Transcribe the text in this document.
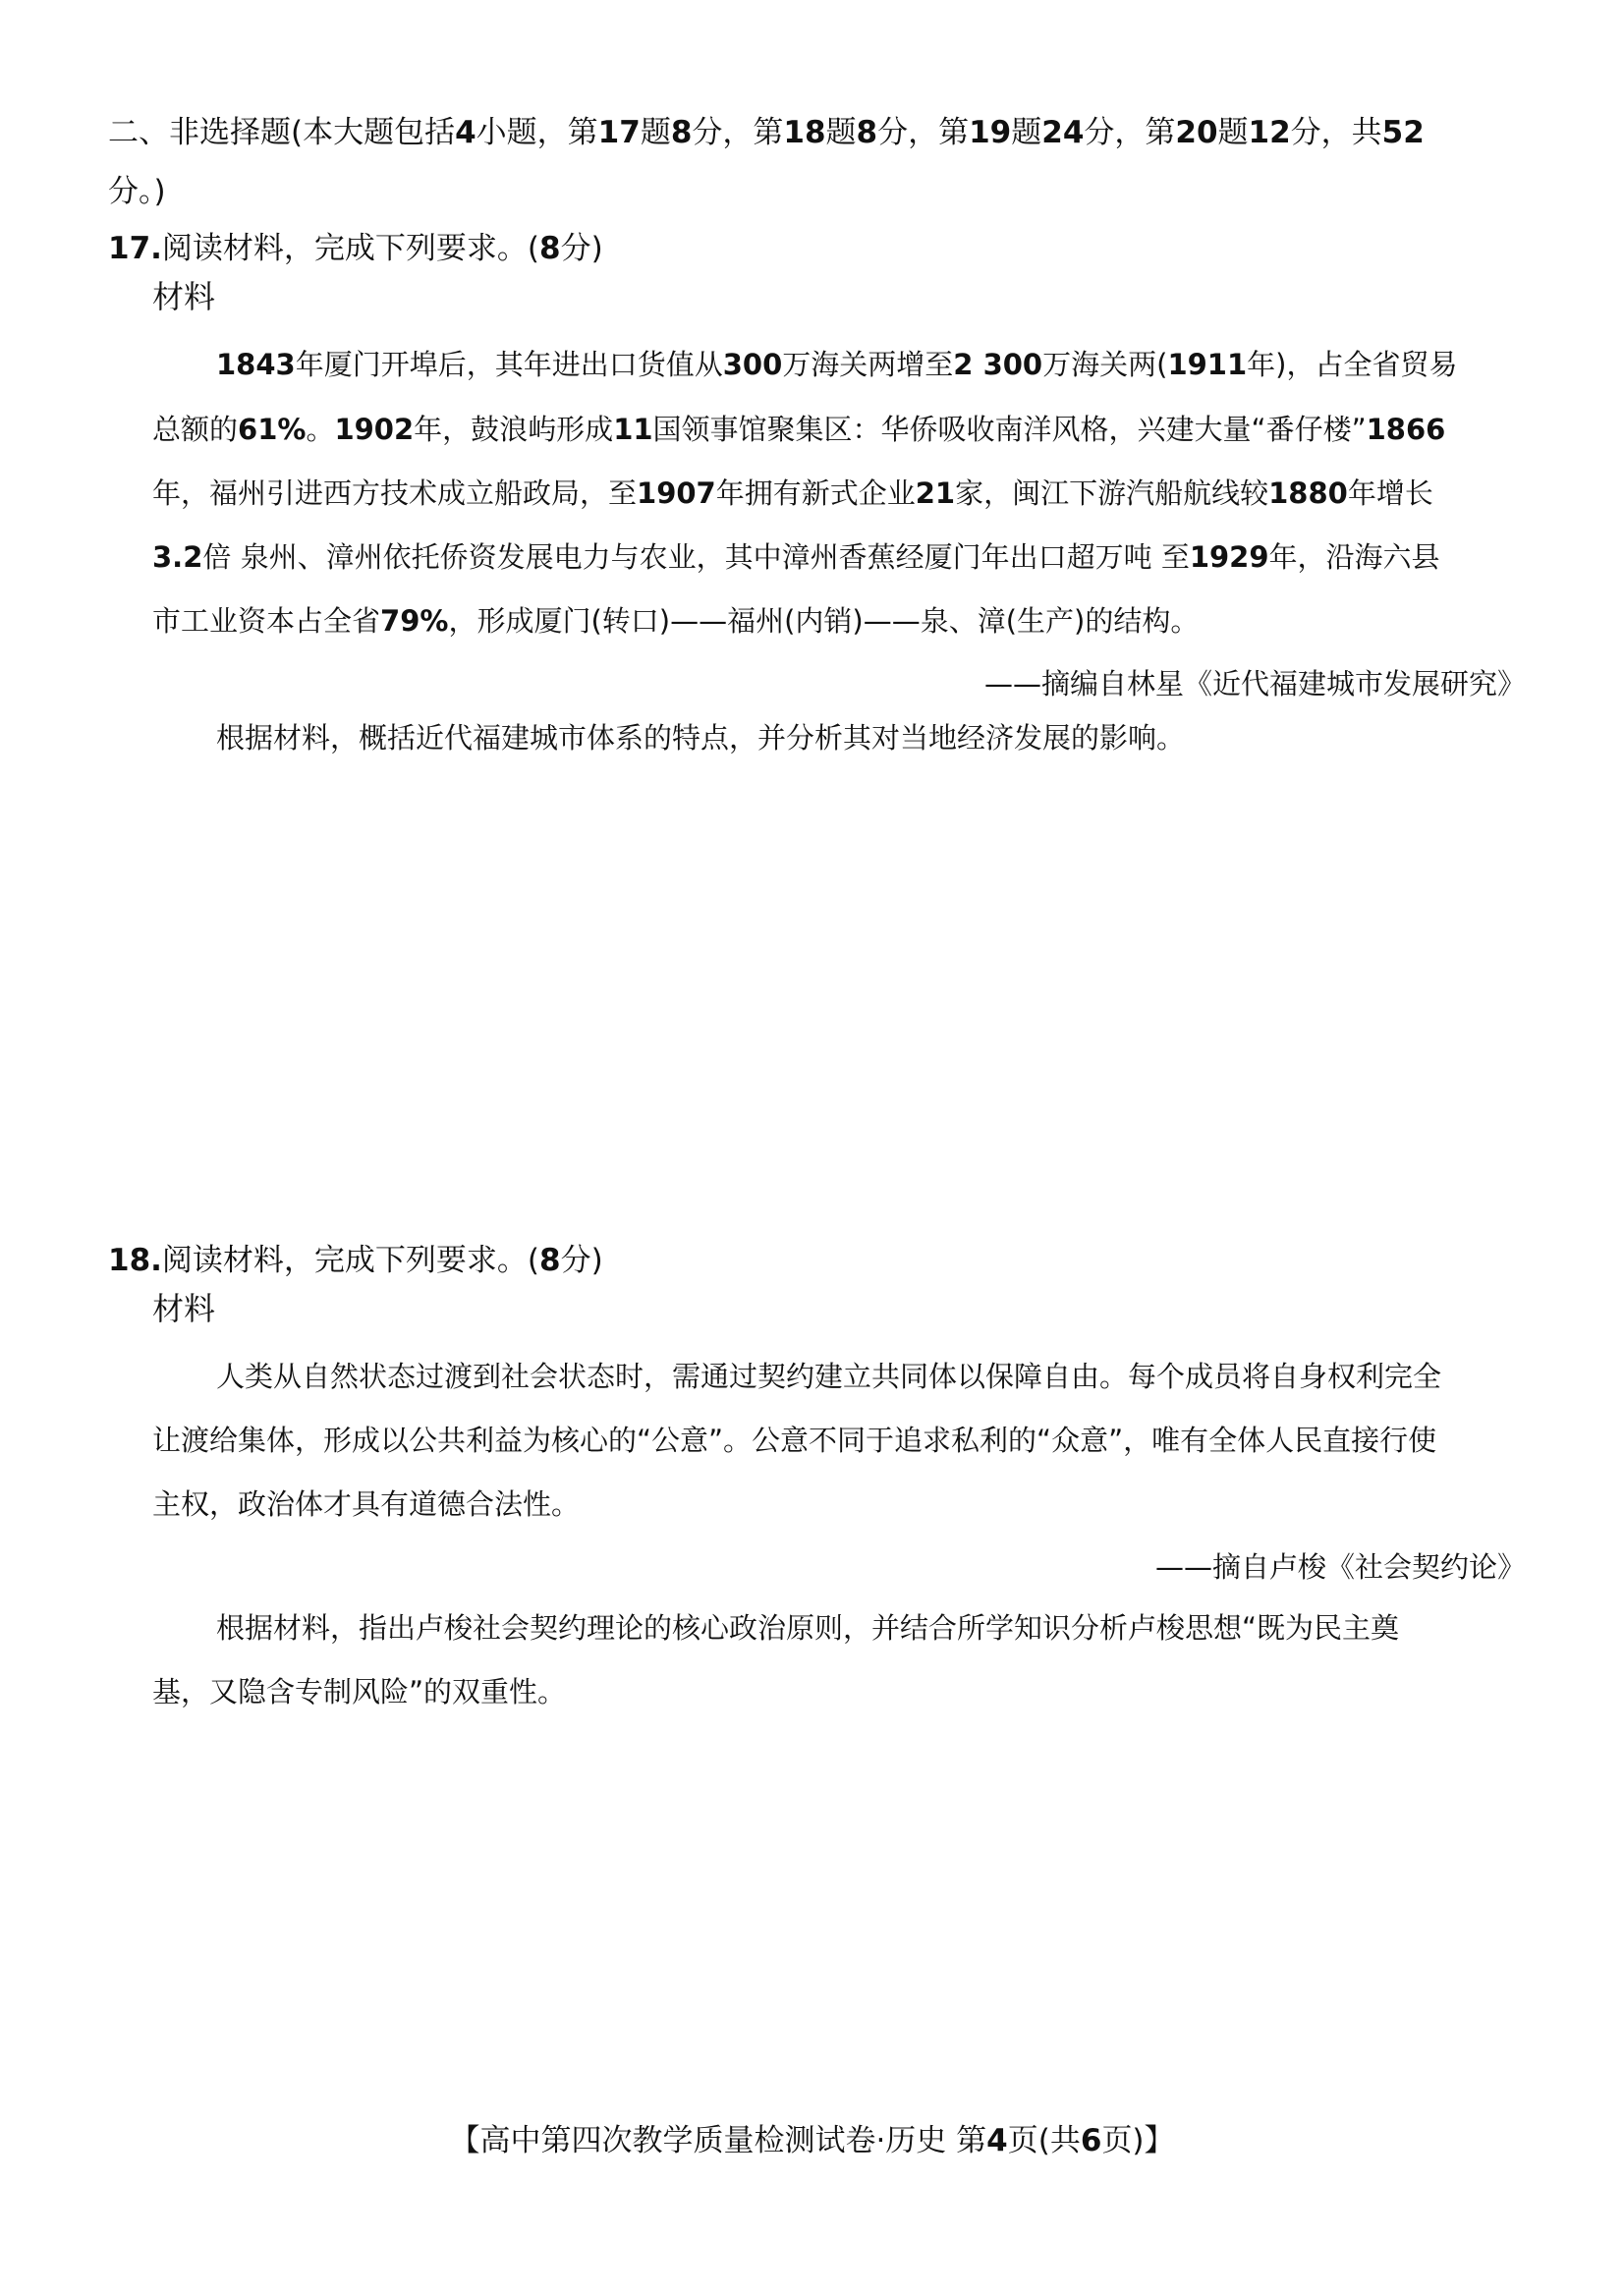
二、非选择题(本大题包括4小题，第17题8分，第18题8分，第19题24分，第20题12分，共52
分。)
17.阅读材料，完成下列要求。(8分)
材料
1843年厦门开埠后，其年进出口货值从300万海关两增至2 300万海关两(1911年)，占全省贸易
总额的61%。1902年，鼓浪屿形成11国领事馆聚集区：华侨吸收南洋风格，兴建大量“番仔楼”1866
年，福州引进西方技术成立船政局，至1907年拥有新式企业21家，闽江下游汽船航线较1880年增长
3.2倍 泉州、漳州依托侨资发展电力与农业，其中漳州香蕉经厦门年出口超万吨 至1929年，沿海六县
市工业资本占全省79%，形成厦门(转口)——福州(内销)——泉、漳(生产)的结构。
——摘编自林星《近代福建城市发展研究》
根据材料，概括近代福建城市体系的特点，并分析其对当地经济发展的影响。
18.阅读材料，完成下列要求。(8分)
材料
人类从自然状态过渡到社会状态时，需通过契约建立共同体以保障自由。每个成员将自身权利完全
让渡给集体，形成以公共利益为核心的“公意”。公意不同于追求私利的“众意”，唯有全体人民直接行使
主权，政治体才具有道德合法性。
——摘自卢梭《社会契约论》
根据材料，指出卢梭社会契约理论的核心政治原则，并结合所学知识分析卢梭思想“既为民主奠
基，又隐含专制风险”的双重性。
【高中第四次教学质量检测试卷·历史 第4页(共6页)】
